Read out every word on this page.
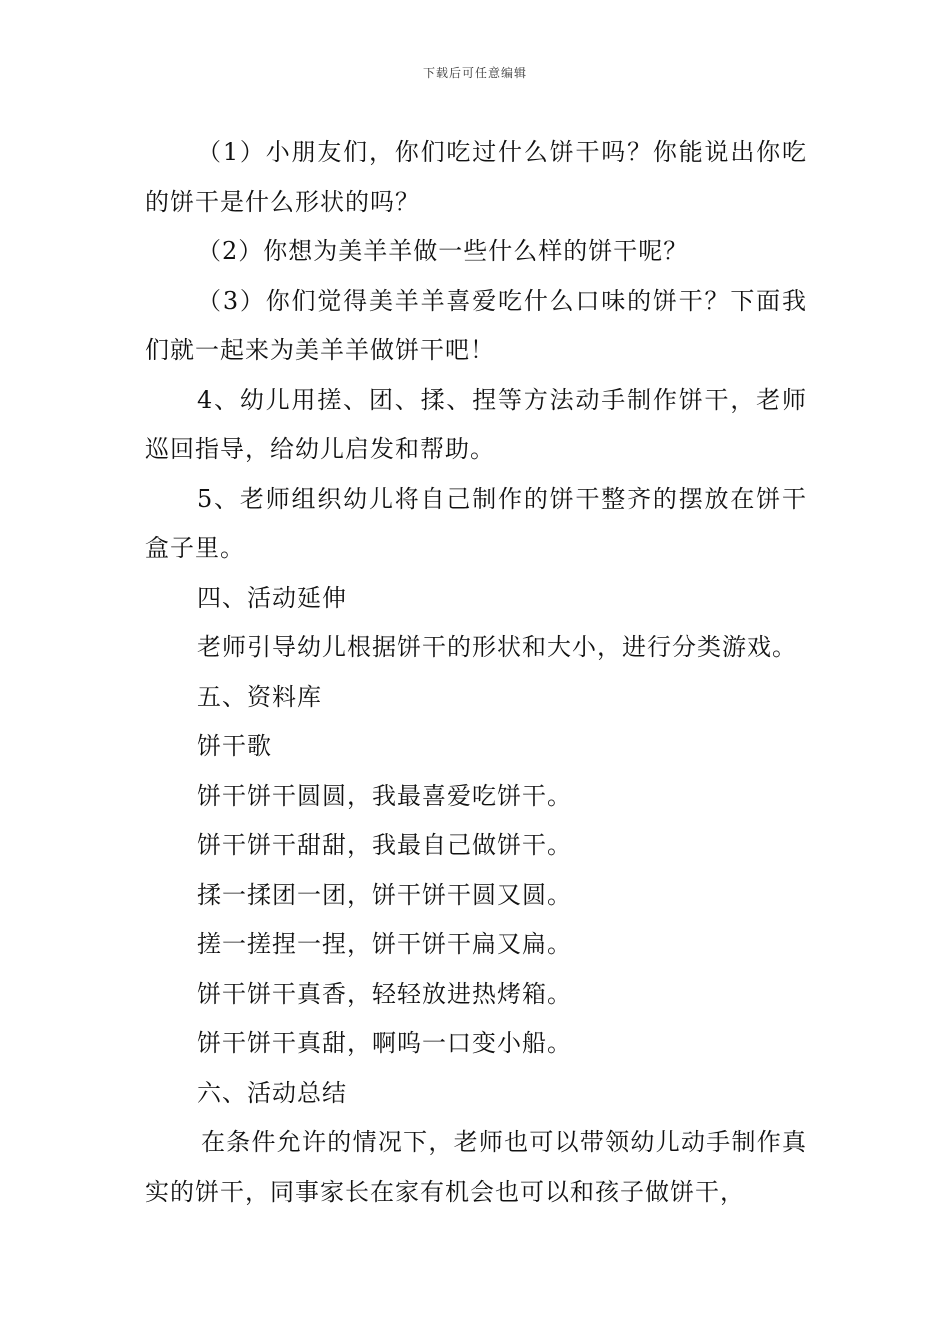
下载后可任意编辑

（1）小朋友们，你们吃过什么饼干吗？你能说出你吃的饼干是什么形状的吗？

（2）你想为美羊羊做一些什么样的饼干呢？

（3）你们觉得美羊羊喜爱吃什么口味的饼干？下面我们就一起来为美羊羊做饼干吧！

4、幼儿用搓、团、揉、捏等方法动手制作饼干，老师巡回指导，给幼儿启发和帮助。

5、老师组织幼儿将自己制作的饼干整齐的摆放在饼干盒子里。

四、活动延伸

老师引导幼儿根据饼干的形状和大小，进行分类游戏。

五、资料库

饼干歌

饼干饼干圆圆，我最喜爱吃饼干。

饼干饼干甜甜，我最自己做饼干。

揉一揉团一团，饼干饼干圆又圆。

搓一搓捏一捏，饼干饼干扁又扁。

饼干饼干真香，轻轻放进热烤箱。

饼干饼干真甜，啊呜一口变小船。

六、活动总结

在条件允许的情况下，老师也可以带领幼儿动手制作真实的饼干，同事家长在家有机会也可以和孩子做饼干，
